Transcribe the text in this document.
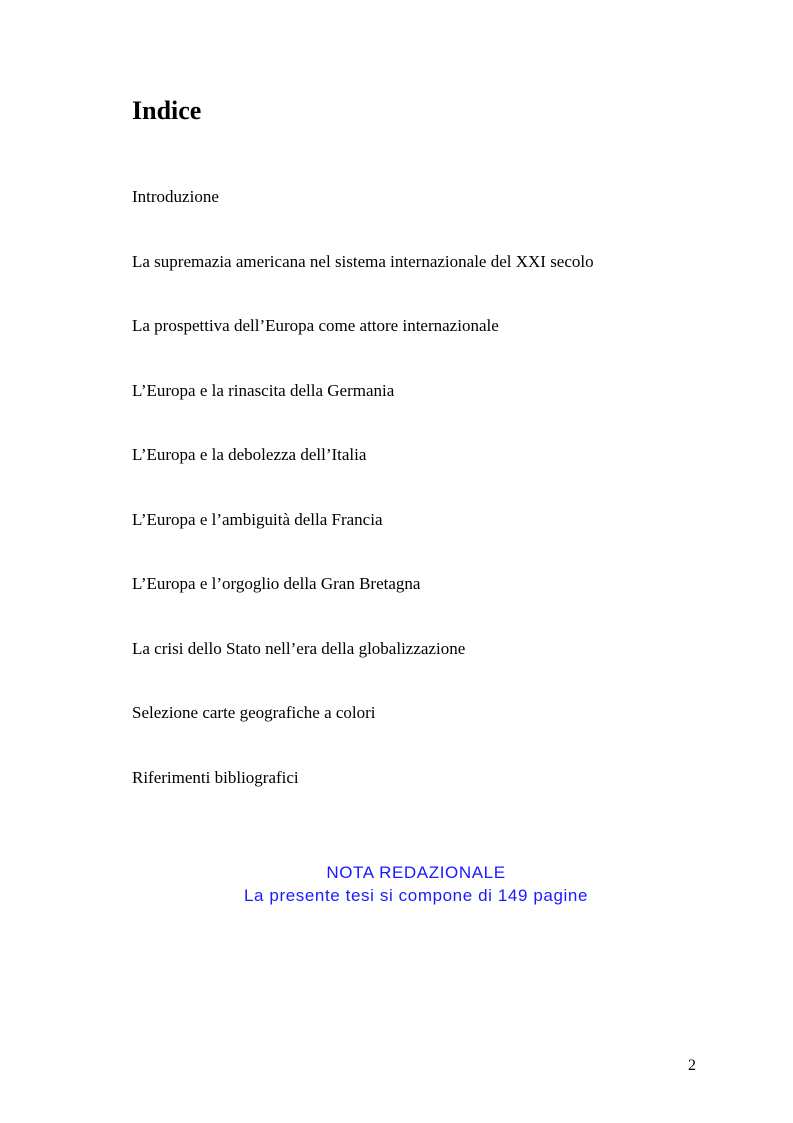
Indice
Introduzione
La supremazia americana nel sistema internazionale del XXI secolo
La prospettiva dell’Europa come attore internazionale
L’Europa e la rinascita della Germania
L’Europa e la debolezza dell’Italia
L’Europa e l’ambiguità della Francia
L’Europa e l’orgoglio della Gran Bretagna
La crisi dello Stato nell’era della globalizzazione
Selezione carte geografiche a colori
Riferimenti bibliografici
NOTA REDAZIONALE
La presente tesi si compone di 149 pagine
2
